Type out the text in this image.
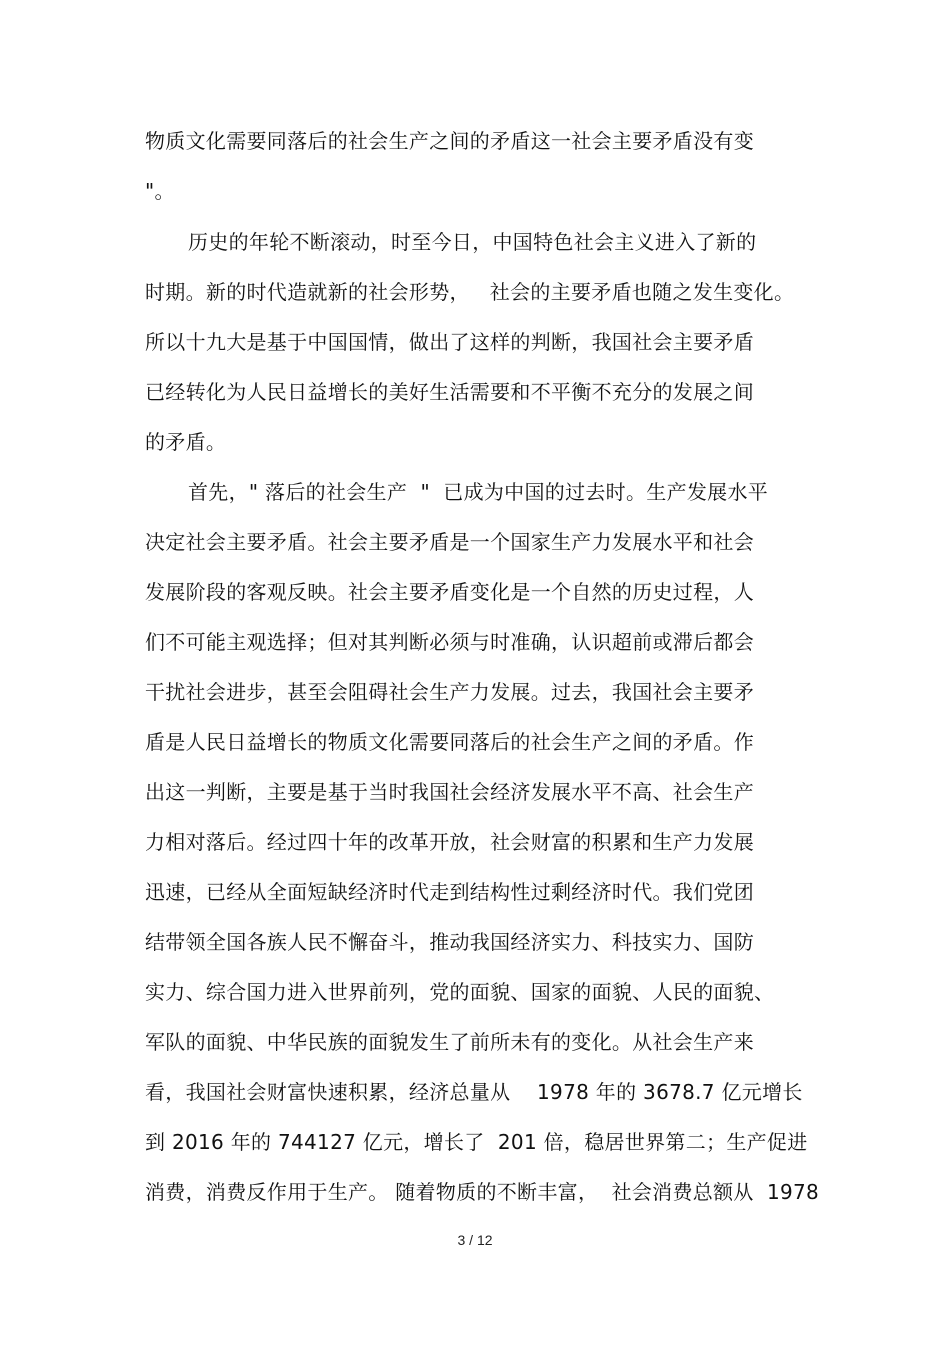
物质文化需要同落后的社会生产之间的矛盾这一社会主要矛盾没有变
"。
历史的年轮不断滚动，时至今日，中国特色社会主义进入了新的
时期。新的时代造就新的社会形势，   社会的主要矛盾也随之发生变化。
所以十九大是基于中国国情，做出了这样的判断，我国社会主要矛盾
已经转化为人民日益增长的美好生活需要和不平衡不充分的发展之间
的矛盾。
首先，" 落后的社会生产  "  已成为中国的过去时。生产发展水平
决定社会主要矛盾。社会主要矛盾是一个国家生产力发展水平和社会
发展阶段的客观反映。社会主要矛盾变化是一个自然的历史过程，人
们不可能主观选择；但对其判断必须与时准确，认识超前或滞后都会
干扰社会进步，甚至会阻碍社会生产力发展。过去，我国社会主要矛
盾是人民日益增长的物质文化需要同落后的社会生产之间的矛盾。作
出这一判断，主要是基于当时我国社会经济发展水平不高、社会生产
力相对落后。经过四十年的改革开放，社会财富的积累和生产力发展
迅速，已经从全面短缺经济时代走到结构性过剩经济时代。我们党团
结带领全国各族人民不懈奋斗，推动我国经济实力、科技实力、国防
实力、综合国力进入世界前列，党的面貌、国家的面貌、人民的面貌、
军队的面貌、中华民族的面貌发生了前所未有的变化。从社会生产来
看，我国社会财富快速积累，经济总量从    1978 年的 3678.7 亿元增长
到 2016 年的 744127 亿元，增长了  201 倍，稳居世界第二；生产促进
消费，消费反作用于生产。 随着物质的不断丰富，  社会消费总额从  1978
3 / 12
